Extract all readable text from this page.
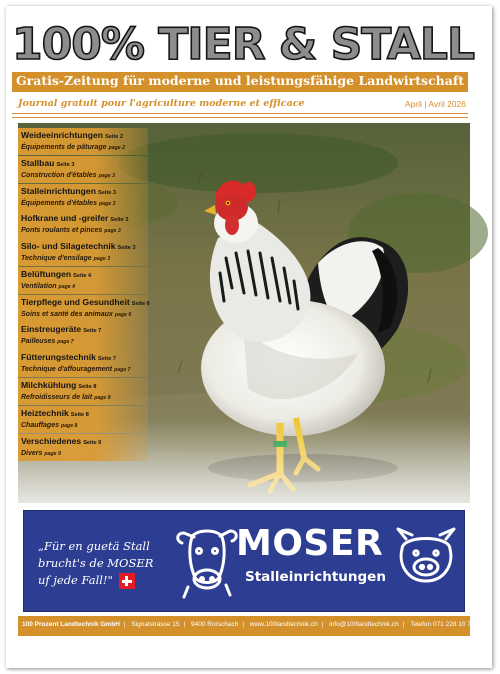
100% TIER & STALL
Gratis-Zeitung für moderne und leistungsfähige Landwirtschaft
Journal gratuit pour l'agriculture moderne et efficace	April | Avril 2026
Weideeinrichtungen Seite 2
Équipements de pâturage page 2
Stallbau Seite 3
Construction d'étables page 3
Stalleinrichtungen Seite 3
Équipements d'étables page 3
Hofkrane und -greifer Seite 3
Ponts roulants et pinces page 3
Silo- und Silagetechnik Seite 3
Technique d'ensilage page 3
Belüftungen Seite 4
Ventilation page 4
Tierpflege und Gesundheit Seite 6
Soins et santé des animaux page 6
Einstreugeräte Seite 7
Pailleuses page 7
Fütterungstechnik Seite 7
Technique d'affouragement page 7
Milchkühlung Seite 8
Refroidisseurs de lait page 8
Heiztechnik Seite 8
Chauffages page 8
Verschiedenes Seite 9
Divers page 9
„Für en guetä Stall
brucht's de MOSER
uf jede Fall!"
MOSER
Stalleinrichtungen
100 Prozent Landtechnik GmbH | Signalstrasse 15 | 9400 Rorschach | www.100landtechnik.ch | info@100landtechnik.ch | Telefon 071 228 10 70
